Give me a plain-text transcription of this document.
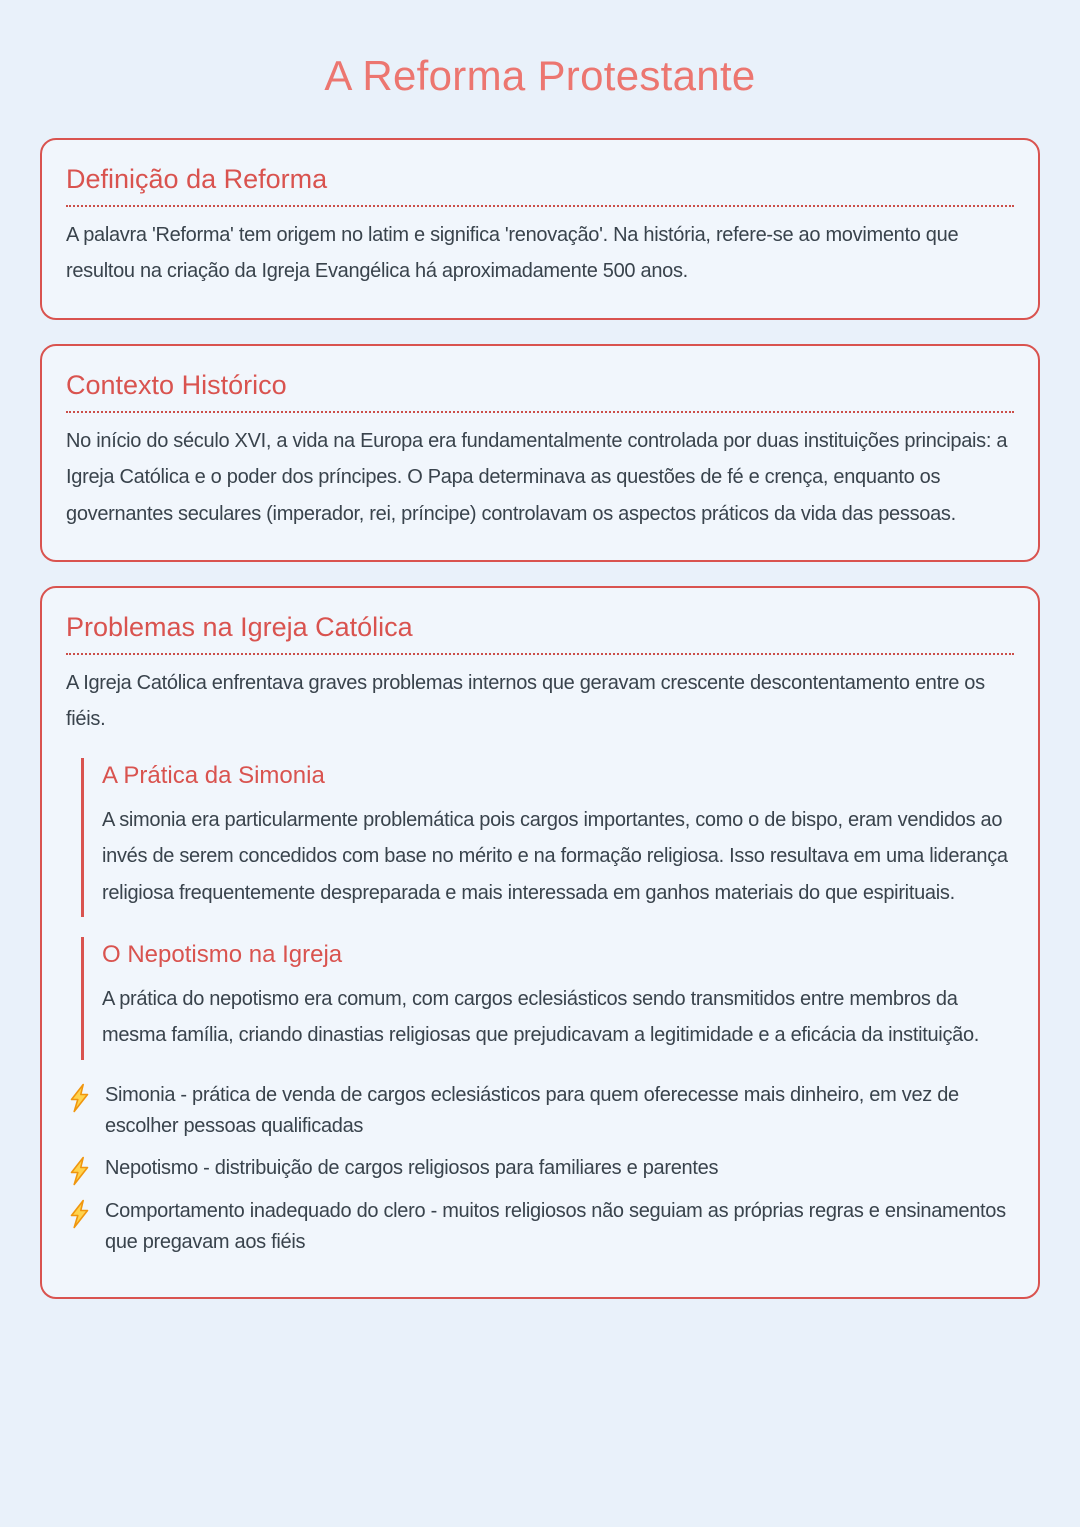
A Reforma Protestante
Definição da Reforma

A palavra 'Reforma' tem origem no latim e significa 'renovação'. Na história, refere-se ao movimento que resultou na criação da Igreja Evangélica há aproximadamente 500 anos.

Contexto Histórico

No início do século XVI, a vida na Europa era fundamentalmente controlada por duas instituições principais: a Igreja Católica e o poder dos príncipes. O Papa determinava as questões de fé e crença, enquanto os governantes seculares (imperador, rei, príncipe) controlavam os aspectos práticos da vida das pessoas.

Problemas na Igreja Católica

A Igreja Católica enfrentava graves problemas internos que geravam crescente descontentamento entre os fiéis.

A Prática da Simonia

A simonia era particularmente problemática pois cargos importantes, como o de bispo, eram vendidos ao invés de serem concedidos com base no mérito e na formação religiosa. Isso resultava em uma liderança religiosa frequentemente despreparada e mais interessada em ganhos materiais do que espirituais.

O Nepotismo na Igreja

A prática do nepotismo era comum, com cargos eclesiásticos sendo transmitidos entre membros da mesma família, criando dinastias religiosas que prejudicavam a legitimidade e a eficácia da instituição.

Simonia - prática de venda de cargos eclesiásticos para quem oferecesse mais dinheiro, em vez de escolher pessoas qualificadas
Nepotismo - distribuição de cargos religiosos para familiares e parentes
Comportamento inadequado do clero - muitos religiosos não seguiam as próprias regras e ensinamentos que pregavam aos fiéis
